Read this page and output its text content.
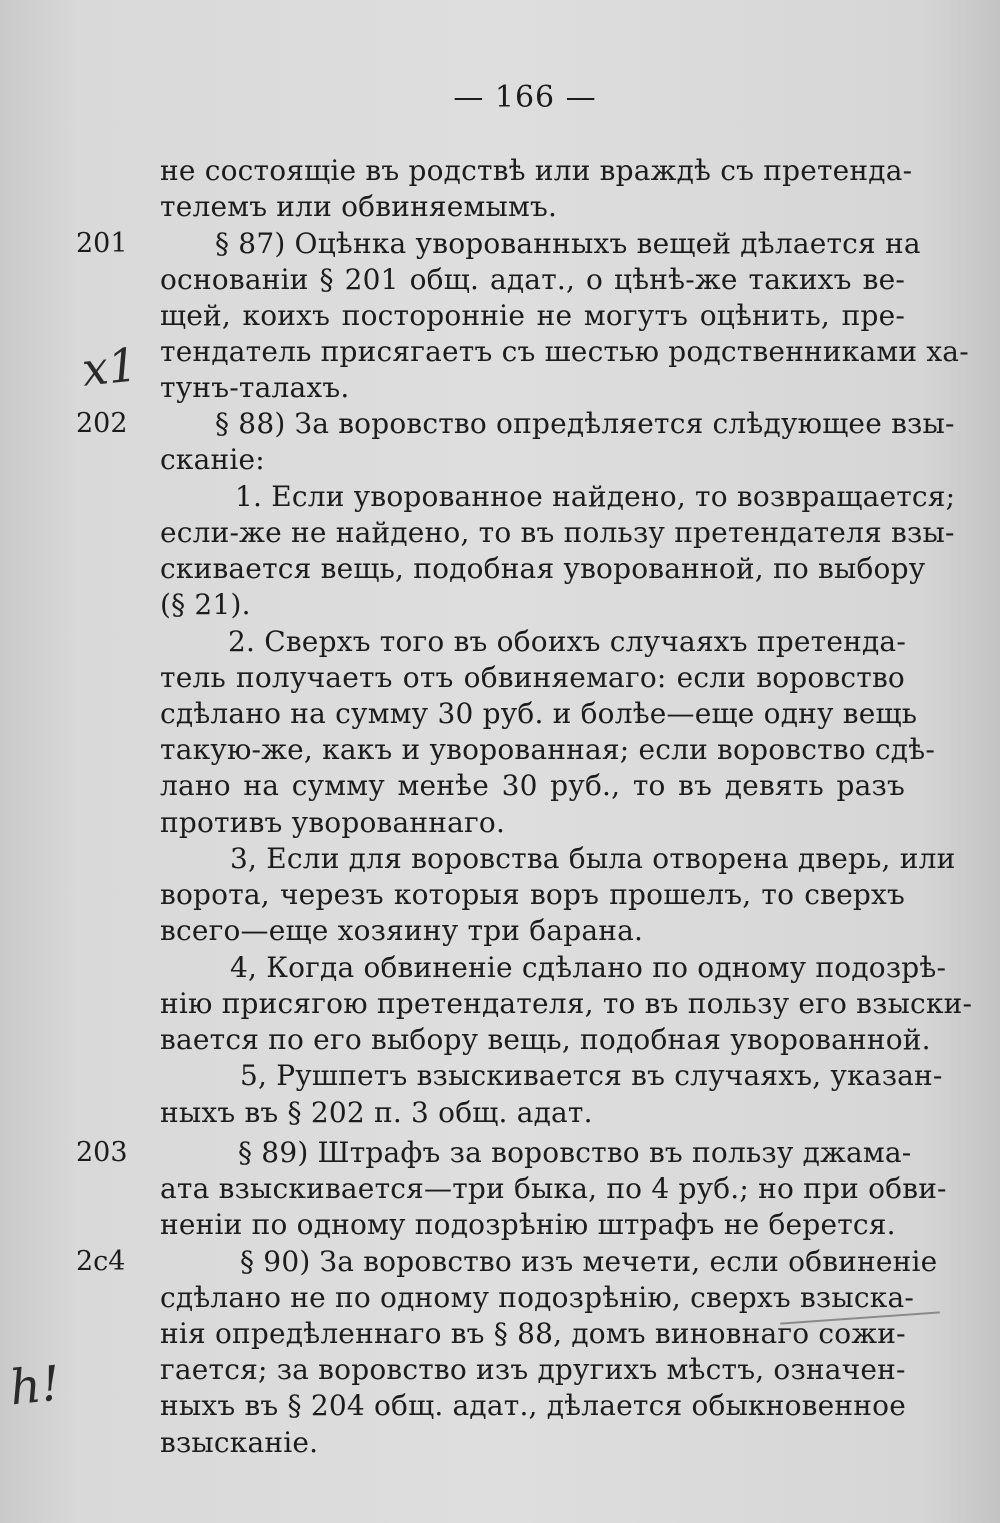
— 166 —
201
202
203
2с4
x1
h!
не состоящіе въ родствѣ или враждѣ съ претенда-
телемъ или обвиняемымъ.
§ 87) Оцѣнка уворованныхъ вещей дѣлается на
основаніи § 201 общ. адат., о цѣнѣ-же такихъ ве-
щей, коихъ посторонніе не могутъ оцѣнить, пре-
тендатель присягаетъ съ шестью родственниками ха-
тунъ-талахъ.
§ 88) За воровство опредѣляется слѣдующее взы-
сканіе:
1. Если уворованное найдено, то возвращается;
если-же не найдено, то въ пользу претендателя взы-
скивается вещь, подобная уворованной, по выбору
(§ 21).
2. Сверхъ того въ обоихъ случаяхъ претенда-
тель получаетъ отъ обвиняемаго: если воровство
сдѣлано на сумму 30 руб. и болѣе—еще одну вещь
такую-же, какъ и уворованная; если воровство сдѣ-
лано на сумму менѣе 30 руб., то въ девять разъ
противъ уворованнаго.
3, Если для воровства была отворена дверь, или
ворота, черезъ которыя воръ прошелъ, то сверхъ
всего—еще хозяину три барана.
4, Когда обвиненіе сдѣлано по одному подозрѣ-
нію присягою претендателя, то въ пользу его взыски-
вается по его выбору вещь, подобная уворованной.
5, Рушпетъ взыскивается въ случаяхъ, указан-
ныхъ въ § 202 п. 3 общ. адат.
§ 89) Штрафъ за воровство въ пользу джама-
ата взыскивается—три быка, по 4 руб.; но при обви-
неніи по одному подозрѣнію штрафъ не берется.
§ 90) За воровство изъ мечети, если обвиненіе
сдѣлано не по одному подозрѣнію, сверхъ взыска-
нія опредѣленнаго въ § 88, домъ виновнаго сожи-
гается; за воровство изъ другихъ мѣстъ, означен-
ныхъ въ § 204 общ. адат., дѣлается обыкновенное
взысканіе.
